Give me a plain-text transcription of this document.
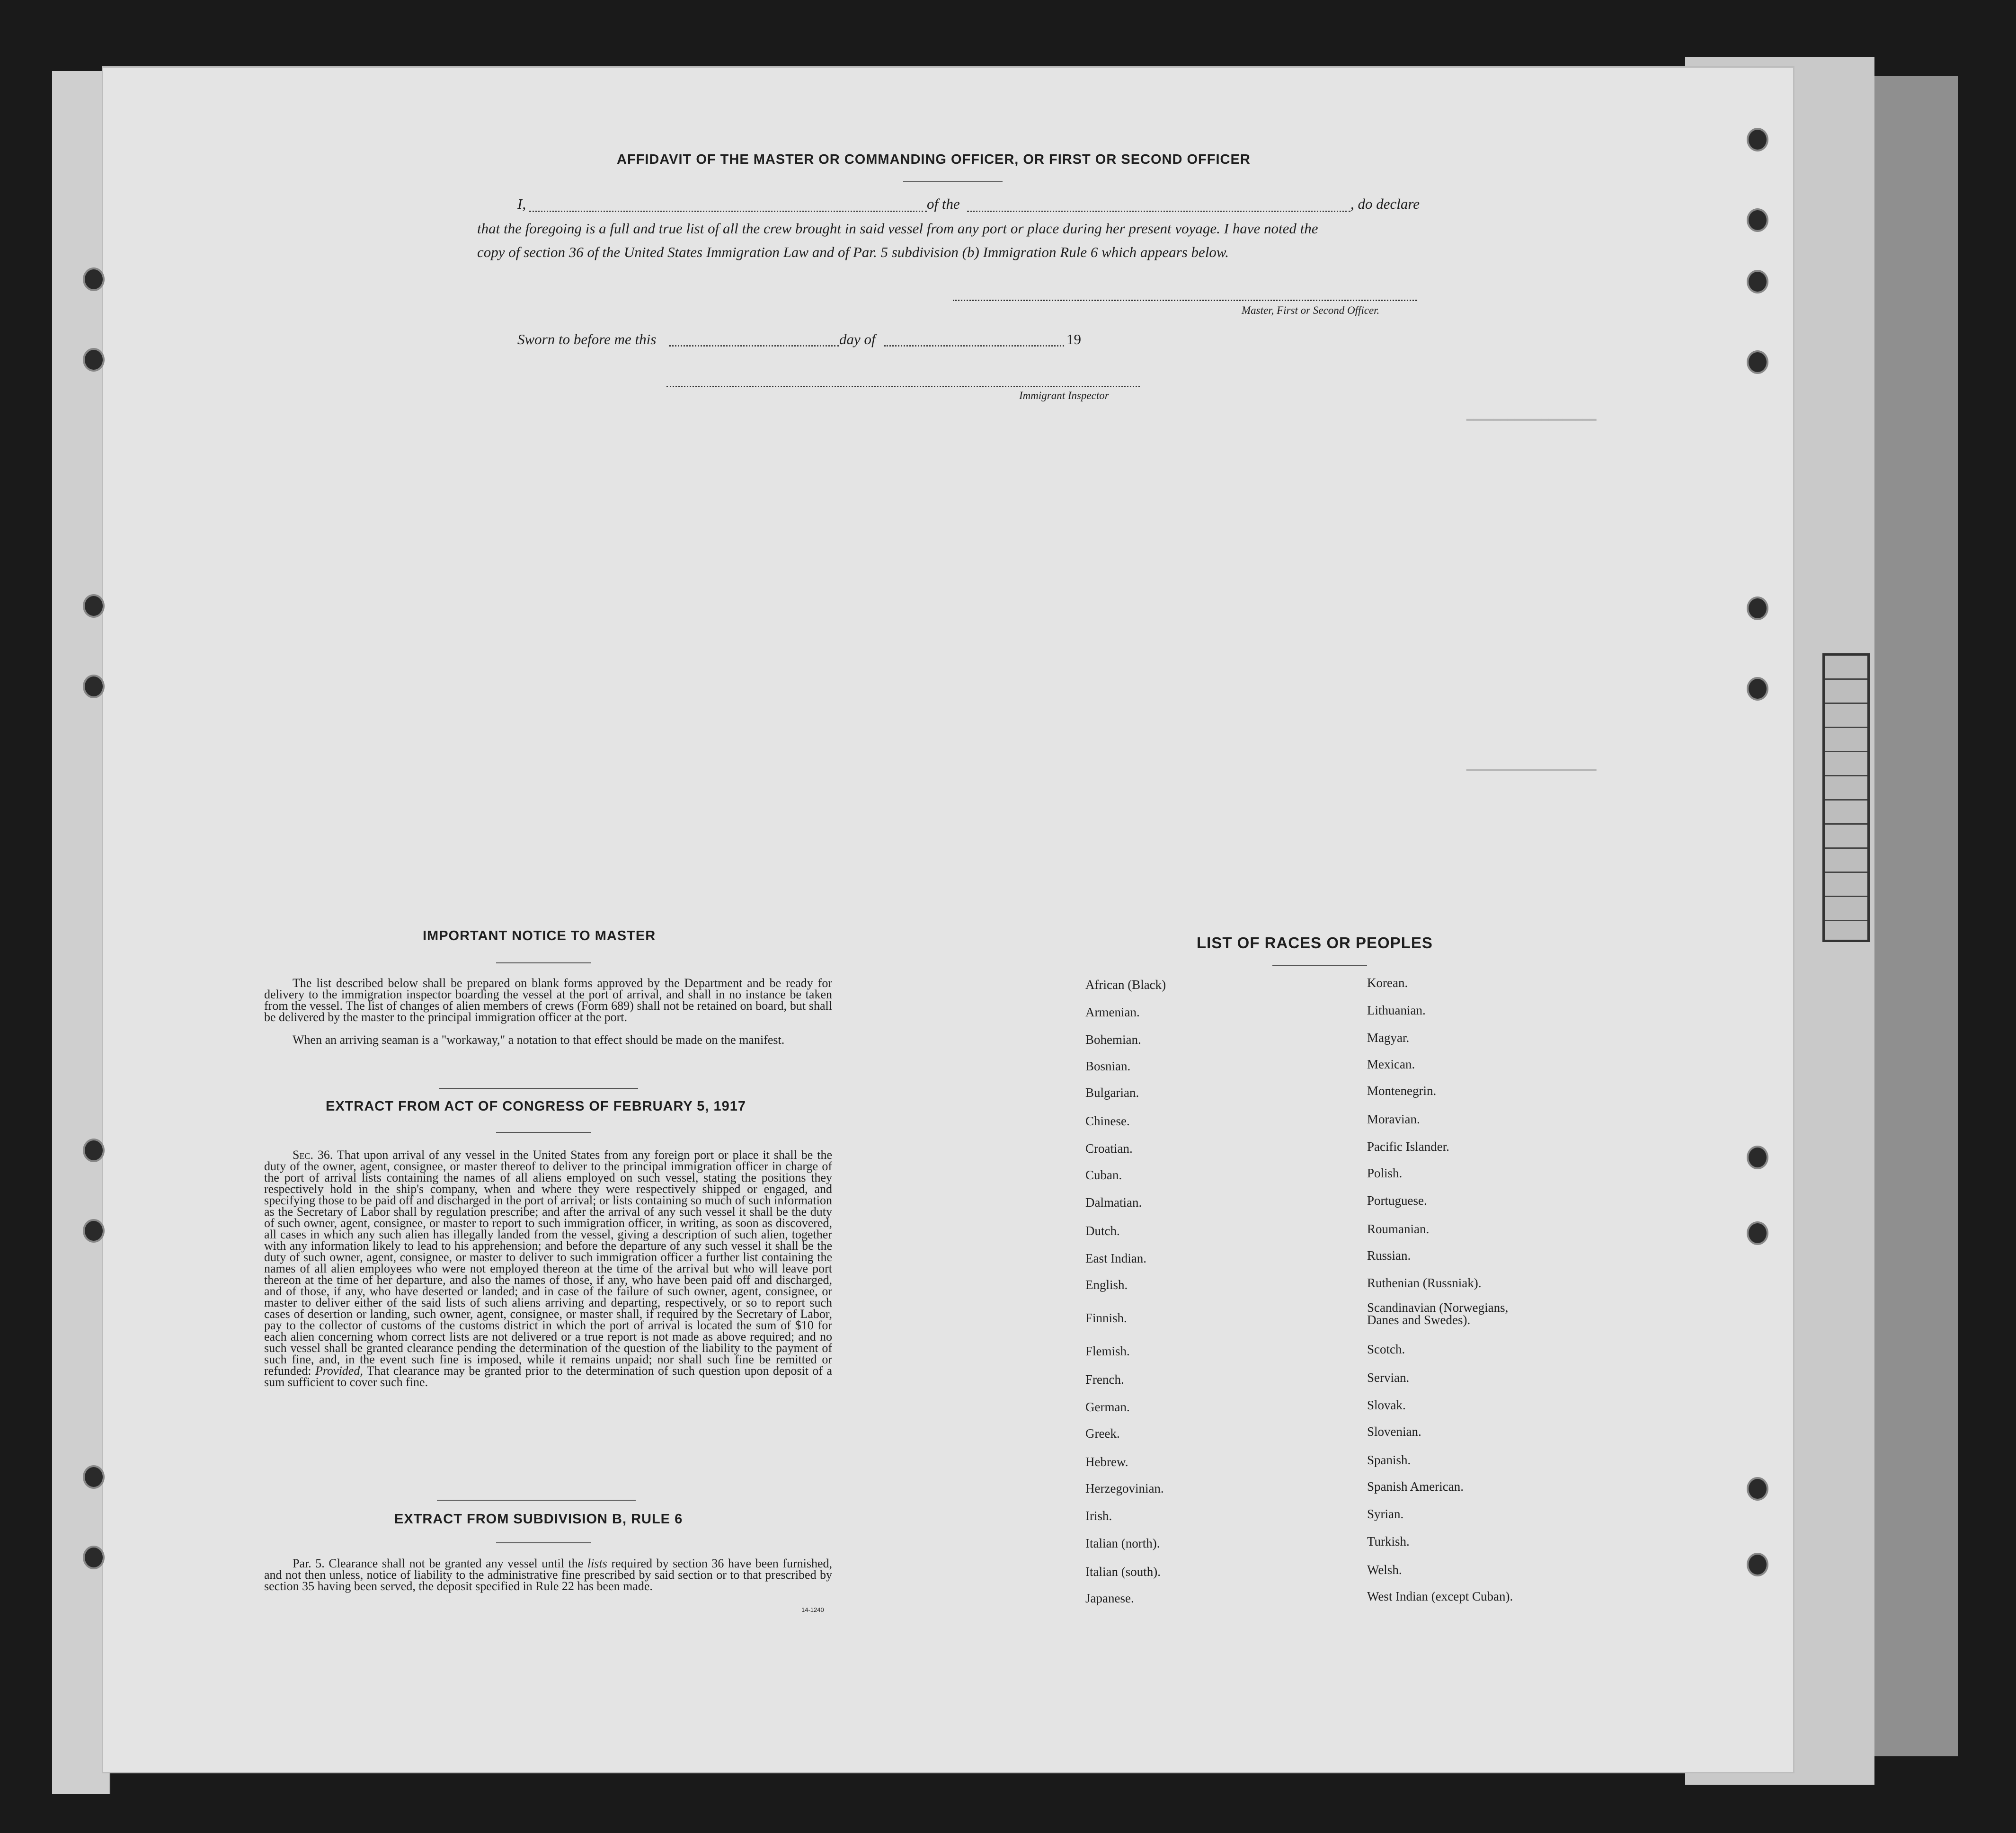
━━━━━━━━━━━━━━━━━━━
━━━━━━━━━━━━━━━━━━━
AFFIDAVIT OF THE MASTER OR COMMANDING OFFICER, OR FIRST OR SECOND OFFICER
I,	of the	, do declare
that the foregoing is a full and true list of all the crew brought in said vessel from any port or place during her present voyage. I have noted the
copy of section 36 of the United States Immigration Law and of Par. 5 subdivision (b) Immigration Rule 6 which appears below.
Master, First or Second Officer.
Sworn to before me this	day of	19
Immigrant Inspector
IMPORTANT NOTICE TO MASTER
The list described below shall be prepared on blank forms approved by the Department and be ready for delivery to the immigration inspector boarding the vessel at the port of arrival, and shall in no instance be taken from the vessel. The list of changes of alien members of crews (Form 689) shall not be retained on board, but shall be delivered by the master to the principal immigration officer at the port.
When an arriving seaman is a "workaway," a notation to that effect should be made on the manifest.
EXTRACT FROM ACT OF CONGRESS OF FEBRUARY 5, 1917
Sec. 36. That upon arrival of any vessel in the United States from any foreign port or place it shall be the duty of the owner, agent, consignee, or master thereof to deliver to the principal immigration officer in charge of the port of arrival lists containing the names of all aliens employed on such vessel, stating the positions they respectively hold in the ship's company, when and where they were respectively shipped or engaged, and specifying those to be paid off and discharged in the port of arrival; or lists containing so much of such information as the Secretary of Labor shall by regulation prescribe; and after the arrival of any such vessel it shall be the duty of such owner, agent, consignee, or master to report to such immigration officer, in writing, as soon as discovered, all cases in which any such alien has illegally landed from the vessel, giving a description of such alien, together with any information likely to lead to his apprehension; and before the departure of any such vessel it shall be the duty of such owner, agent, consignee, or master to deliver to such immigration officer a further list containing the names of all alien employees who were not employed thereon at the time of the arrival but who will leave port thereon at the time of her departure, and also the names of those, if any, who have been paid off and discharged, and of those, if any, who have deserted or landed; and in case of the failure of such owner, agent, consignee, or master to deliver either of the said lists of such aliens arriving and departing, respectively, or so to report such cases of desertion or landing, such owner, agent, consignee, or master shall, if required by the Secretary of Labor, pay to the collector of customs of the customs district in which the port of arrival is located the sum of $10 for each alien concerning whom correct lists are not delivered or a true report is not made as above required; and no such vessel shall be granted clearance pending the determination of the question of the liability to the payment of such fine, and, in the event such fine is imposed, while it remains unpaid; nor shall such fine be remitted or refunded: Provided, That clearance may be granted prior to the determination of such question upon deposit of a sum sufficient to cover such fine.
EXTRACT FROM SUBDIVISION B, RULE 6
Par. 5. Clearance shall not be granted any vessel until the lists required by section 36 have been furnished, and not then unless, notice of liability to the administrative fine prescribed by said section or to that prescribed by section 35 having been served, the deposit specified in Rule 22 has been made.
14-1240
LIST OF RACES OR PEOPLES
African (Black)
Armenian.
Bohemian.
Bosnian.
Bulgarian.
Chinese.
Croatian.
Cuban.
Dalmatian.
Dutch.
East Indian.
English.
Finnish.
Flemish.
French.
German.
Greek.
Hebrew.
Herzegovinian.
Irish.
Italian (north).
Italian (south).
Japanese.
Korean.
Lithuanian.
Magyar.
Mexican.
Montenegrin.
Moravian.
Pacific Islander.
Polish.
Portuguese.
Roumanian.
Russian.
Ruthenian (Russniak).
Scandinavian (Norwegians,
Danes and Swedes).
Scotch.
Servian.
Slovak.
Slovenian.
Spanish.
Spanish American.
Syrian.
Turkish.
Welsh.
West Indian (except Cuban).
